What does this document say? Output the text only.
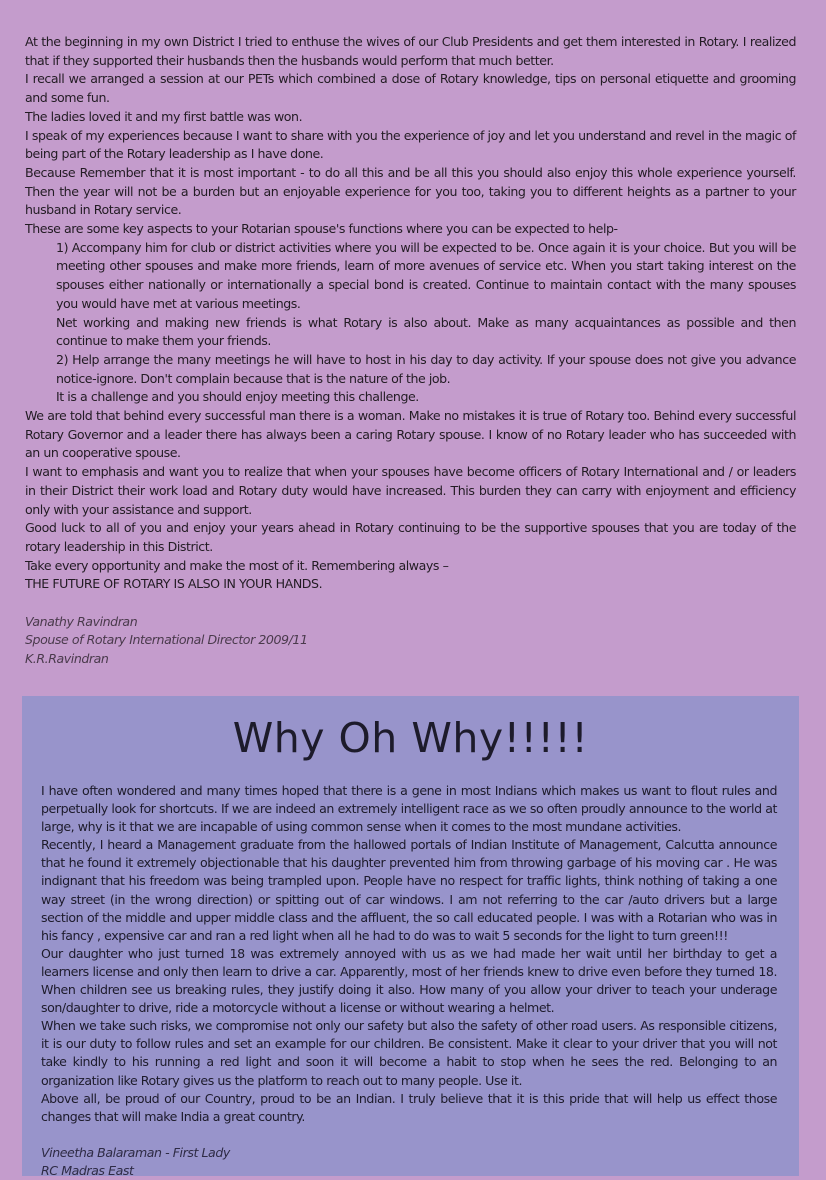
At the beginning in my own District I tried to enthuse the wives of our Club Presidents and get them interested in Rotary. I realized that if they supported their husbands then the husbands would perform that much better.

I recall we arranged a session at our PETs which combined a dose of Rotary knowledge, tips on personal etiquette and grooming and some fun.

The ladies loved it and my first battle was won.

I speak of my experiences because I want to share with you the experience of joy and let you understand and revel in the magic of being part of the Rotary leadership as I have done.

Because Remember that it is most important - to do all this and be all this you should also enjoy this whole experience yourself. Then the year will not be a burden but an enjoyable experience for you too, taking you to different heights as a partner to your husband in Rotary service.

These are some key aspects to your Rotarian spouse's functions where you can be expected to help-

1) Accompany him for club or district activities where you will be expected to be. Once again it is your choice. But you will be meeting other spouses and make more friends, learn of more avenues of service etc. When you start taking interest on the spouses either nationally or internationally a special bond is created. Continue to maintain contact with the many spouses you would have met at various meetings.

Net working and making new friends is what Rotary is also about. Make as many acquaintances as possible and then continue to make them your friends.

2) Help arrange the many meetings he will have to host in his day to day activity. If your spouse does not give you advance notice-ignore. Don't complain because that is the nature of the job.

It is a challenge and you should enjoy meeting this challenge.

We are told that behind every successful man there is a woman. Make no mistakes it is true of Rotary too. Behind every successful Rotary Governor and a leader there has always been a caring Rotary spouse. I know of no Rotary leader who has succeeded with an un cooperative spouse.

I want to emphasis and want you to realize that when your spouses have become officers of Rotary International and / or leaders in their District their work load and Rotary duty would have increased. This burden they can carry with enjoyment and efficiency only with your assistance and support.

Good luck to all of you and enjoy your years ahead in Rotary continuing to be the supportive spouses that you are today of the rotary leadership in this District.

Take every opportunity and make the most of it. Remembering always –

THE FUTURE OF ROTARY IS ALSO IN YOUR HANDS.

Vanathy Ravindran
Spouse of Rotary International Director 2009/11
K.R.Ravindran
Why Oh Why!!!!!

I have often wondered and many times hoped that there is a gene in most Indians which makes us want to flout rules and perpetually look for shortcuts. If we are indeed an extremely intelligent race as we so often proudly announce to the world at large, why is it that we are incapable of using common sense when it comes to the most mundane activities.

Recently, I heard a Management graduate from the hallowed portals of Indian Institute of Management, Calcutta announce that he found it extremely objectionable that his daughter prevented him from throwing garbage of his moving car . He was indignant that his freedom was being trampled upon. People have no respect for traffic lights, think nothing of taking a one way street (in the wrong direction) or spitting out of car windows. I am not referring to the car /auto drivers but a large section of the middle and upper middle class and the affluent, the so call educated people. I was with a Rotarian who was in his fancy , expensive car and ran a red light when all he had to do was to wait 5 seconds for the light to turn green!!!

Our daughter who just turned 18 was extremely annoyed with us as we had made her wait until her birthday to get a learners license and only then learn to drive a car. Apparently, most of her friends knew to drive even before they turned 18. When children see us breaking rules, they justify doing it also. How many of you allow your driver to teach your underage son/daughter to drive, ride a motorcycle without a license or without wearing a helmet.

When we take such risks, we compromise not only our safety but also the safety of other road users. As responsible citizens, it is our duty to follow rules and set an example for our children. Be consistent. Make it clear to your driver that you will not take kindly to his running a red light and soon it will become a habit to stop when he sees the red. Belonging to an organization like Rotary gives us the platform to reach out to many people. Use it.

Above all, be proud of our Country, proud to be an Indian. I truly believe that it is this pride that will help us effect those changes that will make India a great country.

Vineetha Balaraman - First Lady
RC Madras East
